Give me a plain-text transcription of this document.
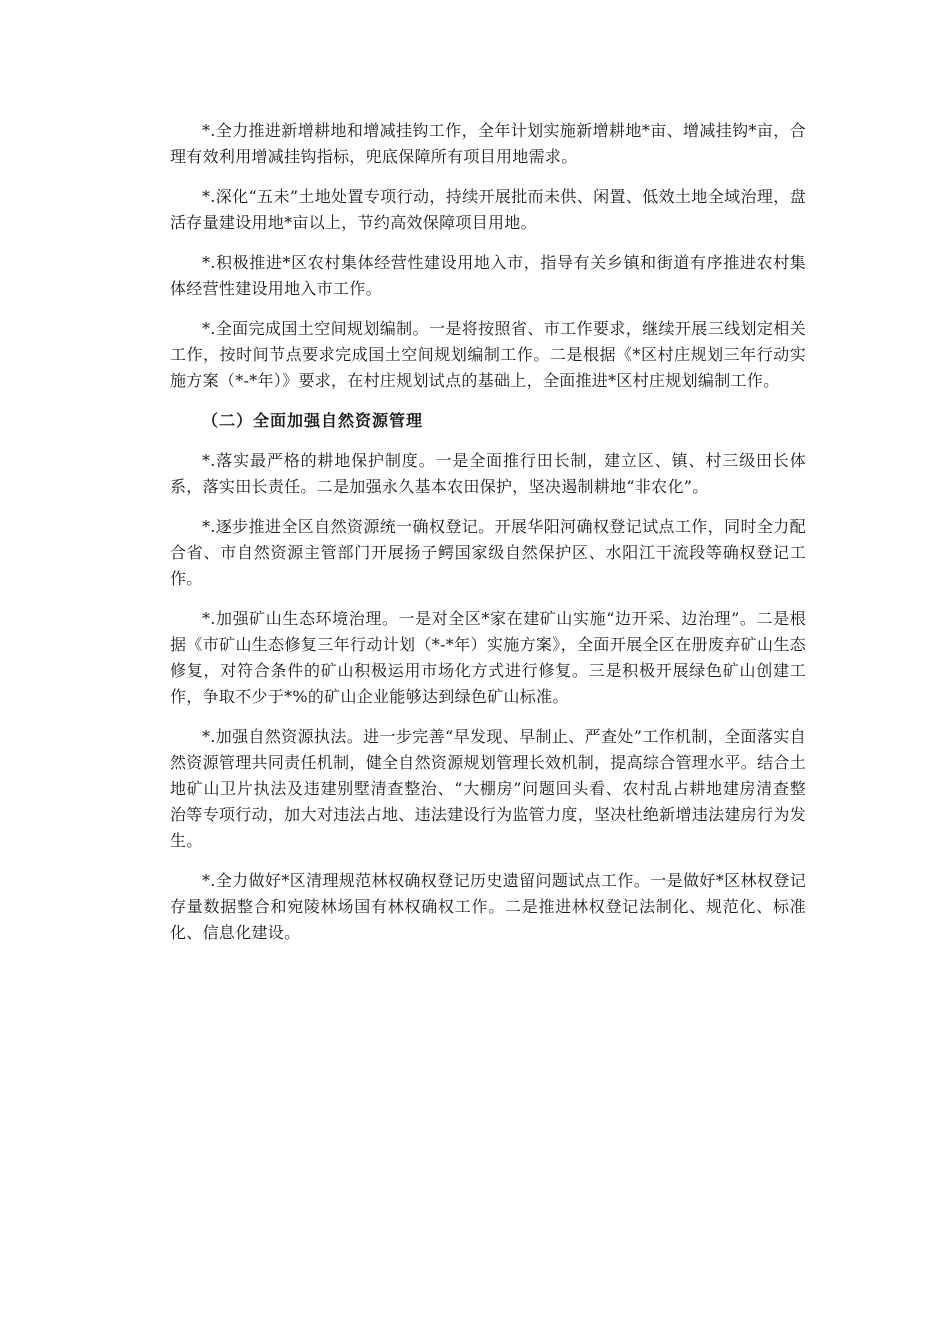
*.全力推进新增耕地和增减挂钩工作，全年计划实施新增耕地*亩、增减挂钩*亩，合理有效利用增减挂钩指标，兜底保障所有项目用地需求。

*.深化“五未”土地处置专项行动，持续开展批而未供、闲置、低效土地全域治理，盘活存量建设用地*亩以上，节约高效保障项目用地。

*.积极推进*区农村集体经营性建设用地入市，指导有关乡镇和街道有序推进农村集体经营性建设用地入市工作。

*.全面完成国土空间规划编制。一是将按照省、市工作要求，继续开展三线划定相关工作，按时间节点要求完成国土空间规划编制工作。二是根据《*区村庄规划三年行动实施方案（*-*年）》要求，在村庄规划试点的基础上，全面推进*区村庄规划编制工作。

（二）全面加强自然资源管理

*.落实最严格的耕地保护制度。一是全面推行田长制，建立区、镇、村三级田长体系，落实田长责任。二是加强永久基本农田保护，坚决遏制耕地“非农化”。

*.逐步推进全区自然资源统一确权登记。开展华阳河确权登记试点工作，同时全力配合省、市自然资源主管部门开展扬子鳄国家级自然保护区、水阳江干流段等确权登记工作。

*.加强矿山生态环境治理。一是对全区*家在建矿山实施“边开采、边治理”。二是根据《市矿山生态修复三年行动计划（*-*年）实施方案》，全面开展全区在册废弃矿山生态修复，对符合条件的矿山积极运用市场化方式进行修复。三是积极开展绿色矿山创建工作，争取不少于*%的矿山企业能够达到绿色矿山标准。

*.加强自然资源执法。进一步完善“早发现、早制止、严查处”工作机制，全面落实自然资源管理共同责任机制，健全自然资源规划管理长效机制，提高综合管理水平。结合土地矿山卫片执法及违建别墅清查整治、“大棚房”问题回头看、农村乱占耕地建房清查整治等专项行动，加大对违法占地、违法建设行为监管力度，坚决杜绝新增违法建房行为发生。

*.全力做好*区清理规范林权确权登记历史遗留问题试点工作。一是做好*区林权登记存量数据整合和宛陵林场国有林权确权工作。二是推进林权登记法制化、规范化、标准化、信息化建设。
